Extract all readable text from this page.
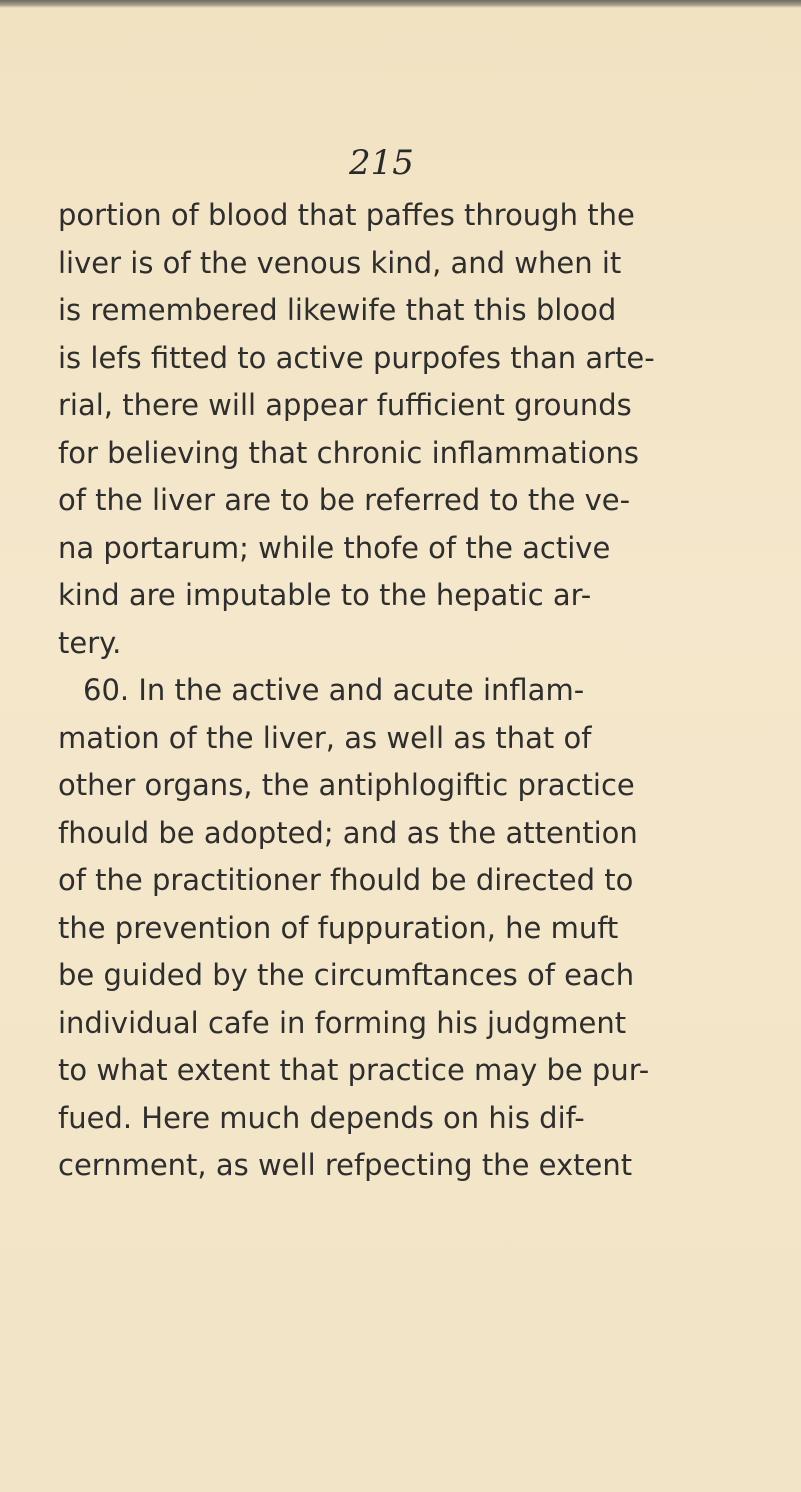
215

portion of blood that paffes through the

liver is of the venous kind, and when it

is remembered likewife that this blood

is lefs fitted to active purpofes than arte-

rial, there will appear fufficient grounds

for believing that chronic inflammations

of the liver are to be referred to the ve-

na portarum; while thofe of the active

kind are imputable to the hepatic ar-

tery.

60. In the active and acute inflam-

mation of the liver, as well as that of

other organs, the antiphlogiftic practice

fhould be adopted; and as the attention

of the practitioner fhould be directed to

the prevention of fuppuration, he muft

be guided by the circumftances of each

individual cafe in forming his judgment

to what extent that practice may be pur-

fued. Here much depends on his dif-

cernment, as well refpecting the extent
